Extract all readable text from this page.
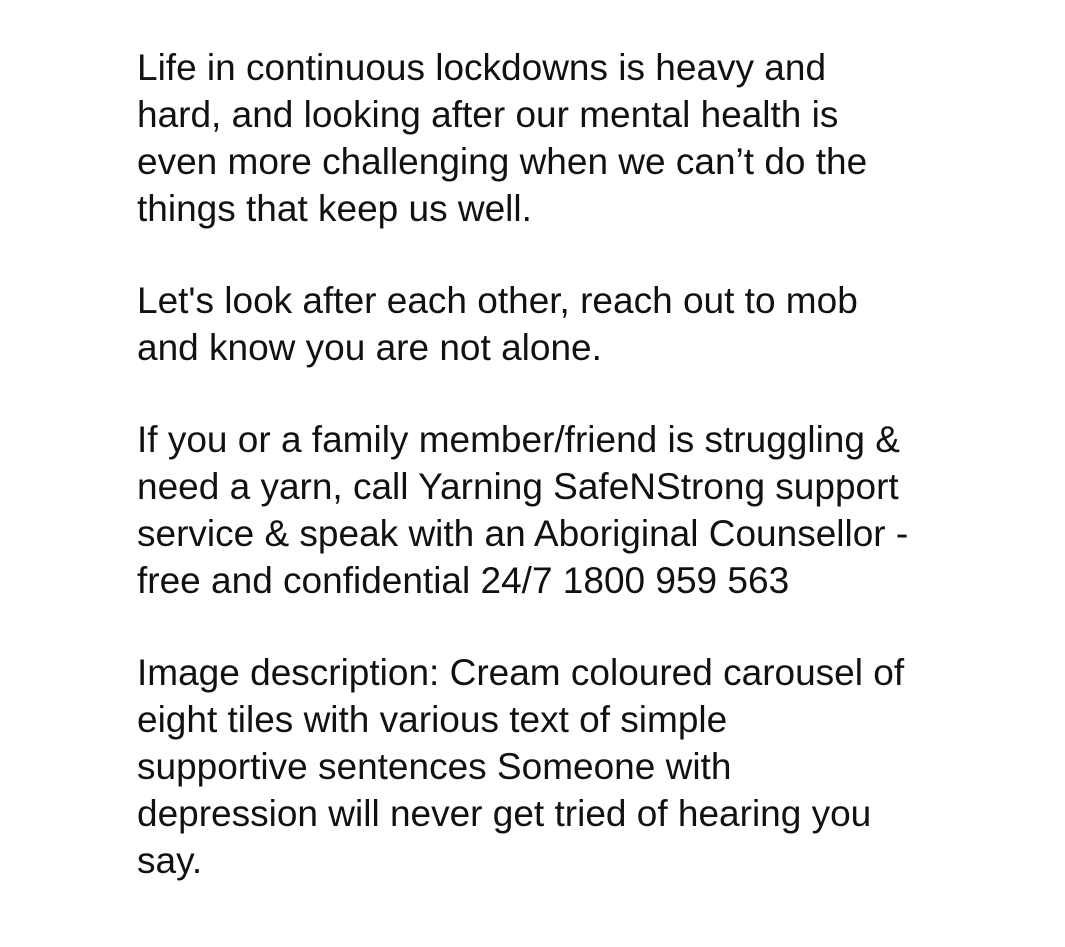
Life in continuous lockdowns is heavy and
hard, and looking after our mental health is
even more challenging when we can’t do the
things that keep us well.

Let's look after each other, reach out to mob
and know you are not alone.

If you or a family member/friend is struggling &
need a yarn, call Yarning SafeNStrong support
service & speak with an Aboriginal Counsellor -
free and confidential 24/7 1800 959 563

Image description: Cream coloured carousel of
eight tiles with various text of simple
supportive sentences Someone with
depression will never get tried of hearing you
say.
